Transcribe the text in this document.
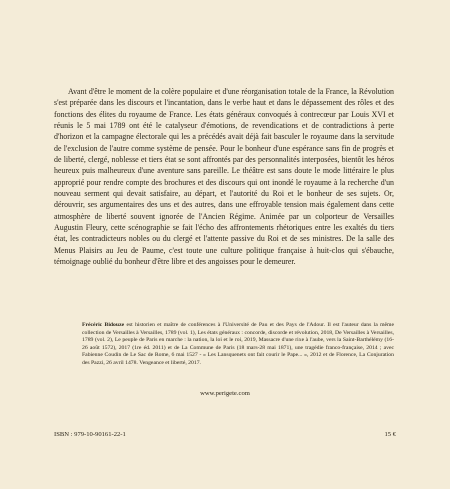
Avant d'être le moment de la colère populaire et d'une réorganisation totale de la France, la Révolution s'est préparée dans les discours et l'incantation, dans le verbe haut et dans le dépassement des rôles et des fonctions des élites du royaume de France. Les états généraux convoqués à contrecœur par Louis XVI et réunis le 5 mai 1789 ont été le catalyseur d'émotions, de revendications et de contradictions à perte d'horizon et la campagne électorale qui les a précédés avait déjà fait basculer le royaume dans la servitude de l'exclusion de l'autre comme système de pensée. Pour le bonheur d'une espérance sans fin de progrès et de liberté, clergé, noblesse et tiers état se sont affrontés par des personnalités interposées, bientôt les héros heureux puis malheureux d'une aventure sans pareille. Le théâtre est sans doute le mode littéraire le plus approprié pour rendre compte des brochures et des discours qui ont inondé le royaume à la recherche d'un nouveau serment qui devait satisfaire, au départ, et l'autorité du Roi et le bonheur de ses sujets. Or, dérouvrir, ses argumentaires des uns et des autres, dans une effroyable tension mais également dans cette atmosphère de liberté souvent ignorée de l'Ancien Régime. Animée par un colporteur de Versailles Augustin Fleury, cette scénographie se fait l'écho des affrontements rhétoriques entre les exaltés du tiers état, les contradicteurs nobles ou du clergé et l'attente passive du Roi et de ses ministres. De la salle des Menus Plaisirs au Jeu de Paume, c'est toute une culture politique française à huit-clos qui s'ébauche, témoignage oublié du bonheur d'être libre et des angoisses pour le demeurer.

Frécéric Bidouze est historien et maître de conférences à l'Université de Pau et des Pays de l'Adour. Il est l'auteur dans la même collection de Versailles à Versailles, 1789 (vol. 1), Les états généraux : concorde, discorde et révolution, 2018, De Versailles à Versailles, 1789 (vol. 2), Le peuple de Paris en marche : la nation, la loi et le roi, 2019, Massacre d'une rixe à l'aube, vers la Saint-Barthélémy (16-26 août 1572), 2017 (1re éd. 2011) et de La Commune de Paris (18 mars-28 mai 1871), une tragédie franco-française, 2014 ; avec Fabienne Coudin de Le Sac de Rome, 6 mai 1527 - « Les Lansquenets ont fait courir le Pape... », 2012 et de Florence, La Conjuration des Pazzi, 26 avril 1478. Vengeance et liberté, 2017.

www.perigete.com
ISBN : 979-10-90161-22-1	15 €
